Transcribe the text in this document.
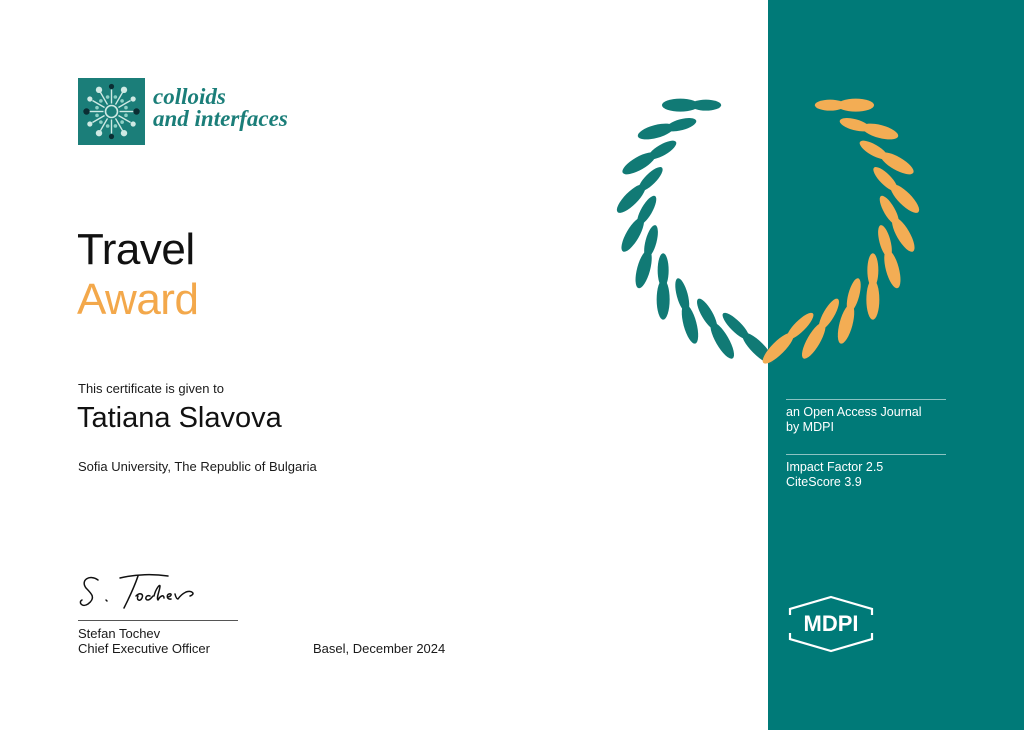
colloids
and interfaces
Travel
Award
This certificate is given to
Tatiana Slavova
Sofia University, The Republic of Bulgaria
Stefan Tochev
Chief Executive Officer	Basel, December 2024
an Open Access Journal
by MDPI
Impact Factor 2.5
CiteScore 3.9
MDPI
